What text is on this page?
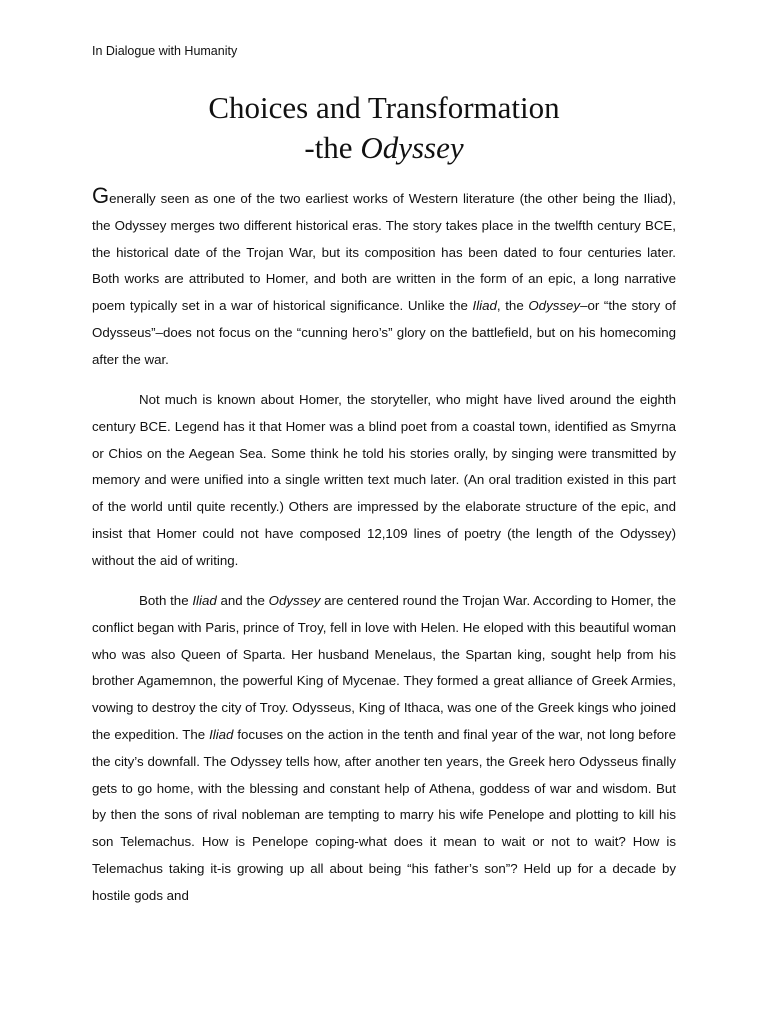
In Dialogue with Humanity
Choices and Transformation
-the Odyssey

Generally seen as one of the two earliest works of Western literature (the other being the Iliad), the Odyssey merges two different historical eras. The story takes place in the twelfth century BCE, the historical date of the Trojan War, but its composition has been dated to four centuries later. Both works are attributed to Homer, and both are written in the form of an epic, a long narrative poem typically set in a war of historical significance. Unlike the Iliad, the Odyssey–or “the story of Odysseus”–does not focus on the “cunning hero’s” glory on the battlefield, but on his homecoming after the war.

Not much is known about Homer, the storyteller, who might have lived around the eighth century BCE. Legend has it that Homer was a blind poet from a coastal town, identified as Smyrna or Chios on the Aegean Sea. Some think he told his stories orally, by singing were transmitted by memory and were unified into a single written text much later. (An oral tradition existed in this part of the world until quite recently.) Others are impressed by the elaborate structure of the epic, and insist that Homer could not have composed 12,109 lines of poetry (the length of the Odyssey) without the aid of writing.

Both the Iliad and the Odyssey are centered round the Trojan War. According to Homer, the conflict began with Paris, prince of Troy, fell in love with Helen. He eloped with this beautiful woman who was also Queen of Sparta. Her husband Menelaus, the Spartan king, sought help from his brother Agamemnon, the powerful King of Mycenae. They formed a great alliance of Greek Armies, vowing to destroy the city of Troy. Odysseus, King of Ithaca, was one of the Greek kings who joined the expedition. The Iliad focuses on the action in the tenth and final year of the war, not long before the city’s downfall. The Odyssey tells how, after another ten years, the Greek hero Odysseus finally gets to go home, with the blessing and constant help of Athena, goddess of war and wisdom. But by then the sons of rival nobleman are tempting to marry his wife Penelope and plotting to kill his son Telemachus. How is Penelope coping-what does it mean to wait or not to wait? How is Telemachus taking it-is growing up all about being “his father’s son”? Held up for a decade by hostile gods and
